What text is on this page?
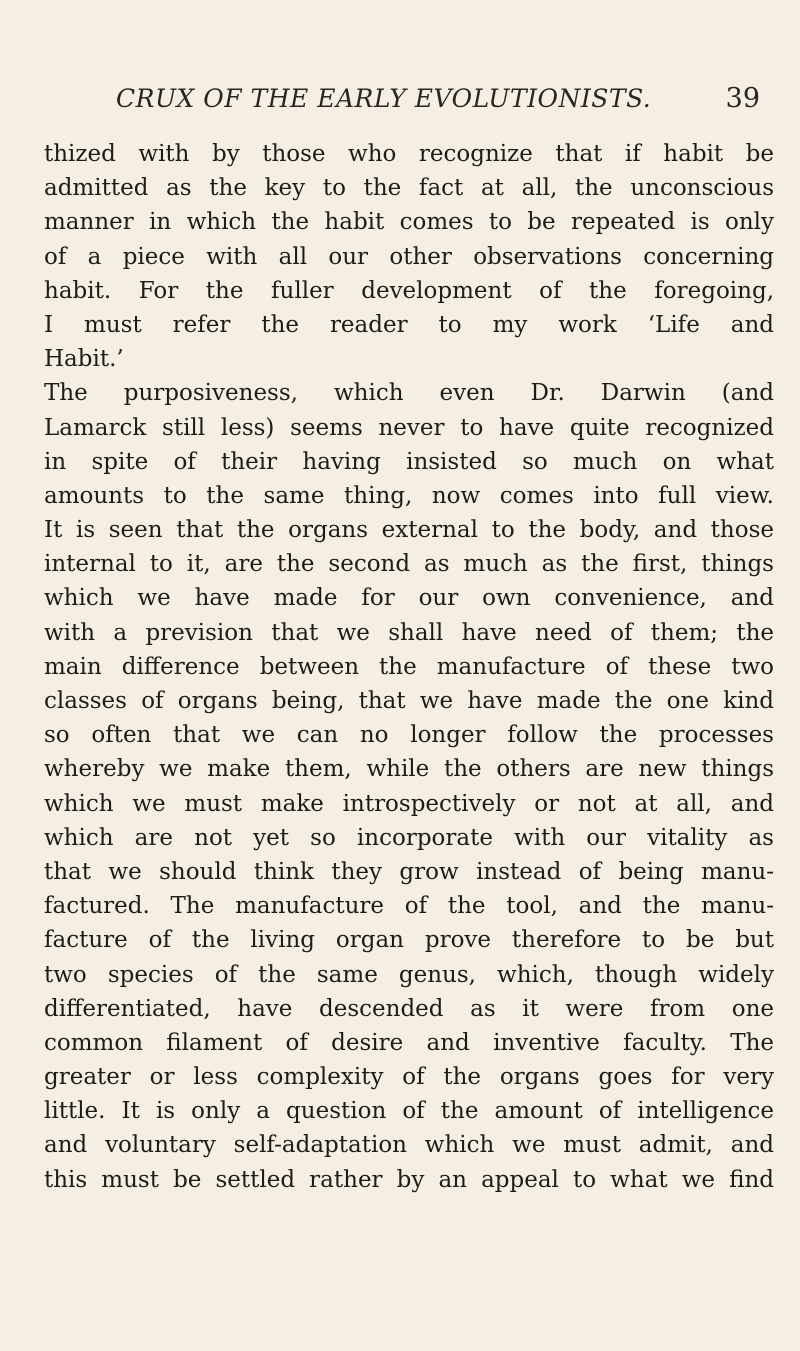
CRUX OF THE EARLY EVOLUTIONISTS.	39
thized with by those who recognize that if habit be
admitted as the key to the fact at all, the unconscious
manner in which the habit comes to be repeated is only
of a piece with all our other observations concerning
habit. For the fuller development of the foregoing,
I must refer the reader to my work ‘Life and
Habit.’
The purposiveness, which even Dr. Darwin (and
Lamarck still less) seems never to have quite recognized
in spite of their having insisted so much on what
amounts to the same thing, now comes into full view.
It is seen that the organs external to the body, and those
internal to it, are the second as much as the first, things
which we have made for our own convenience, and
with a prevision that we shall have need of them; the
main difference between the manufacture of these two
classes of organs being, that we have made the one kind
so often that we can no longer follow the processes
whereby we make them, while the others are new things
which we must make introspectively or not at all, and
which are not yet so incorporate with our vitality as
that we should think they grow instead of being manu-
factured. The manufacture of the tool, and the manu-
facture of the living organ prove therefore to be but
two species of the same genus, which, though widely
differentiated, have descended as it were from one
common filament of desire and inventive faculty. The
greater or less complexity of the organs goes for very
little. It is only a question of the amount of intelligence
and voluntary self-adaptation which we must admit, and
this must be settled rather by an appeal to what we find
